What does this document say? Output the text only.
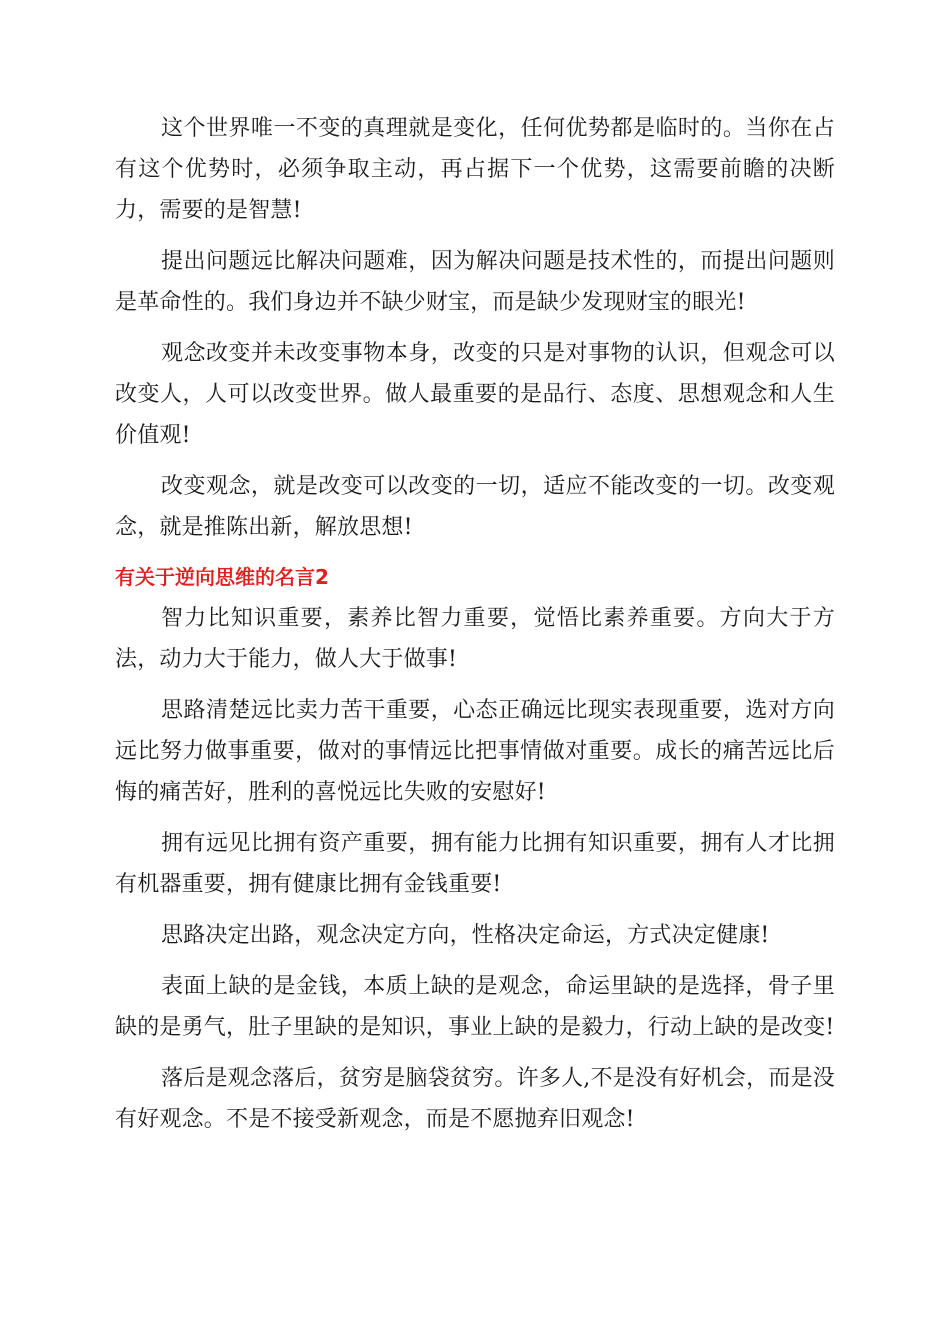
这个世界唯一不变的真理就是变化，任何优势都是临时的。当你在占有这个优势时，必须争取主动，再占据下一个优势，这需要前瞻的决断力，需要的是智慧!

提出问题远比解决问题难，因为解决问题是技术性的，而提出问题则是革命性的。我们身边并不缺少财宝，而是缺少发现财宝的眼光!

观念改变并未改变事物本身，改变的只是对事物的认识，但观念可以改变人，人可以改变世界。做人最重要的是品行、态度、思想观念和人生价值观!

改变观念，就是改变可以改变的一切，适应不能改变的一切。改变观念，就是推陈出新，解放思想!

有关于逆向思维的名言2

智力比知识重要，素养比智力重要，觉悟比素养重要。方向大于方法，动力大于能力，做人大于做事!

思路清楚远比卖力苦干重要，心态正确远比现实表现重要，选对方向远比努力做事重要，做对的事情远比把事情做对重要。成长的痛苦远比后悔的痛苦好，胜利的喜悦远比失败的安慰好!

拥有远见比拥有资产重要，拥有能力比拥有知识重要，拥有人才比拥有机器重要，拥有健康比拥有金钱重要!

思路决定出路，观念决定方向，性格决定命运，方式决定健康!

表面上缺的是金钱，本质上缺的是观念，命运里缺的是选择，骨子里缺的是勇气，肚子里缺的是知识，事业上缺的是毅力，行动上缺的是改变!

落后是观念落后，贫穷是脑袋贫穷。许多人,不是没有好机会，而是没有好观念。不是不接受新观念，而是不愿抛弃旧观念!
